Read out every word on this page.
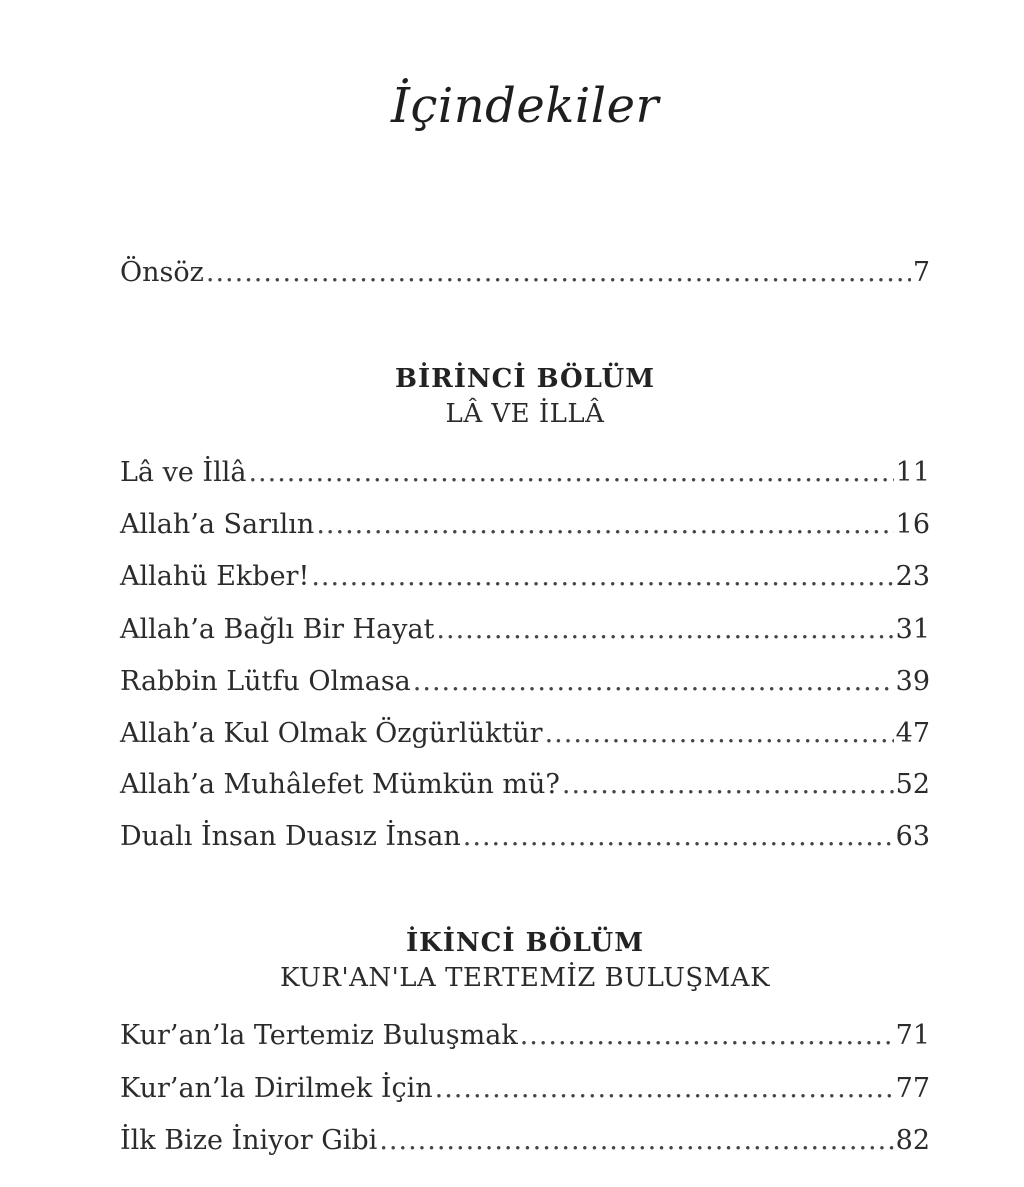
İçindekiler
Önsöz .....	7
BİRİNCİ BÖLÜM
LÂ VE İLLÂ
Lâ ve İllâ .....	11
Allah’a Sarılın .....	16
Allahü Ekber! .....	23
Allah’a Bağlı Bir Hayat .....	31
Rabbin Lütfu Olmasa .....	39
Allah’a Kul Olmak Özgürlüktür .....	47
Allah’a Muhâlefet Mümkün mü? .....	52
Dualı İnsan Duasız İnsan .....	63
İKİNCİ BÖLÜM
KUR'AN'LA TERTEMİZ BULUŞMAK
Kur’an’la Tertemiz Buluşmak .....	71
Kur’an’la Dirilmek İçin .....	77
İlk Bize İniyor Gibi .....	82
